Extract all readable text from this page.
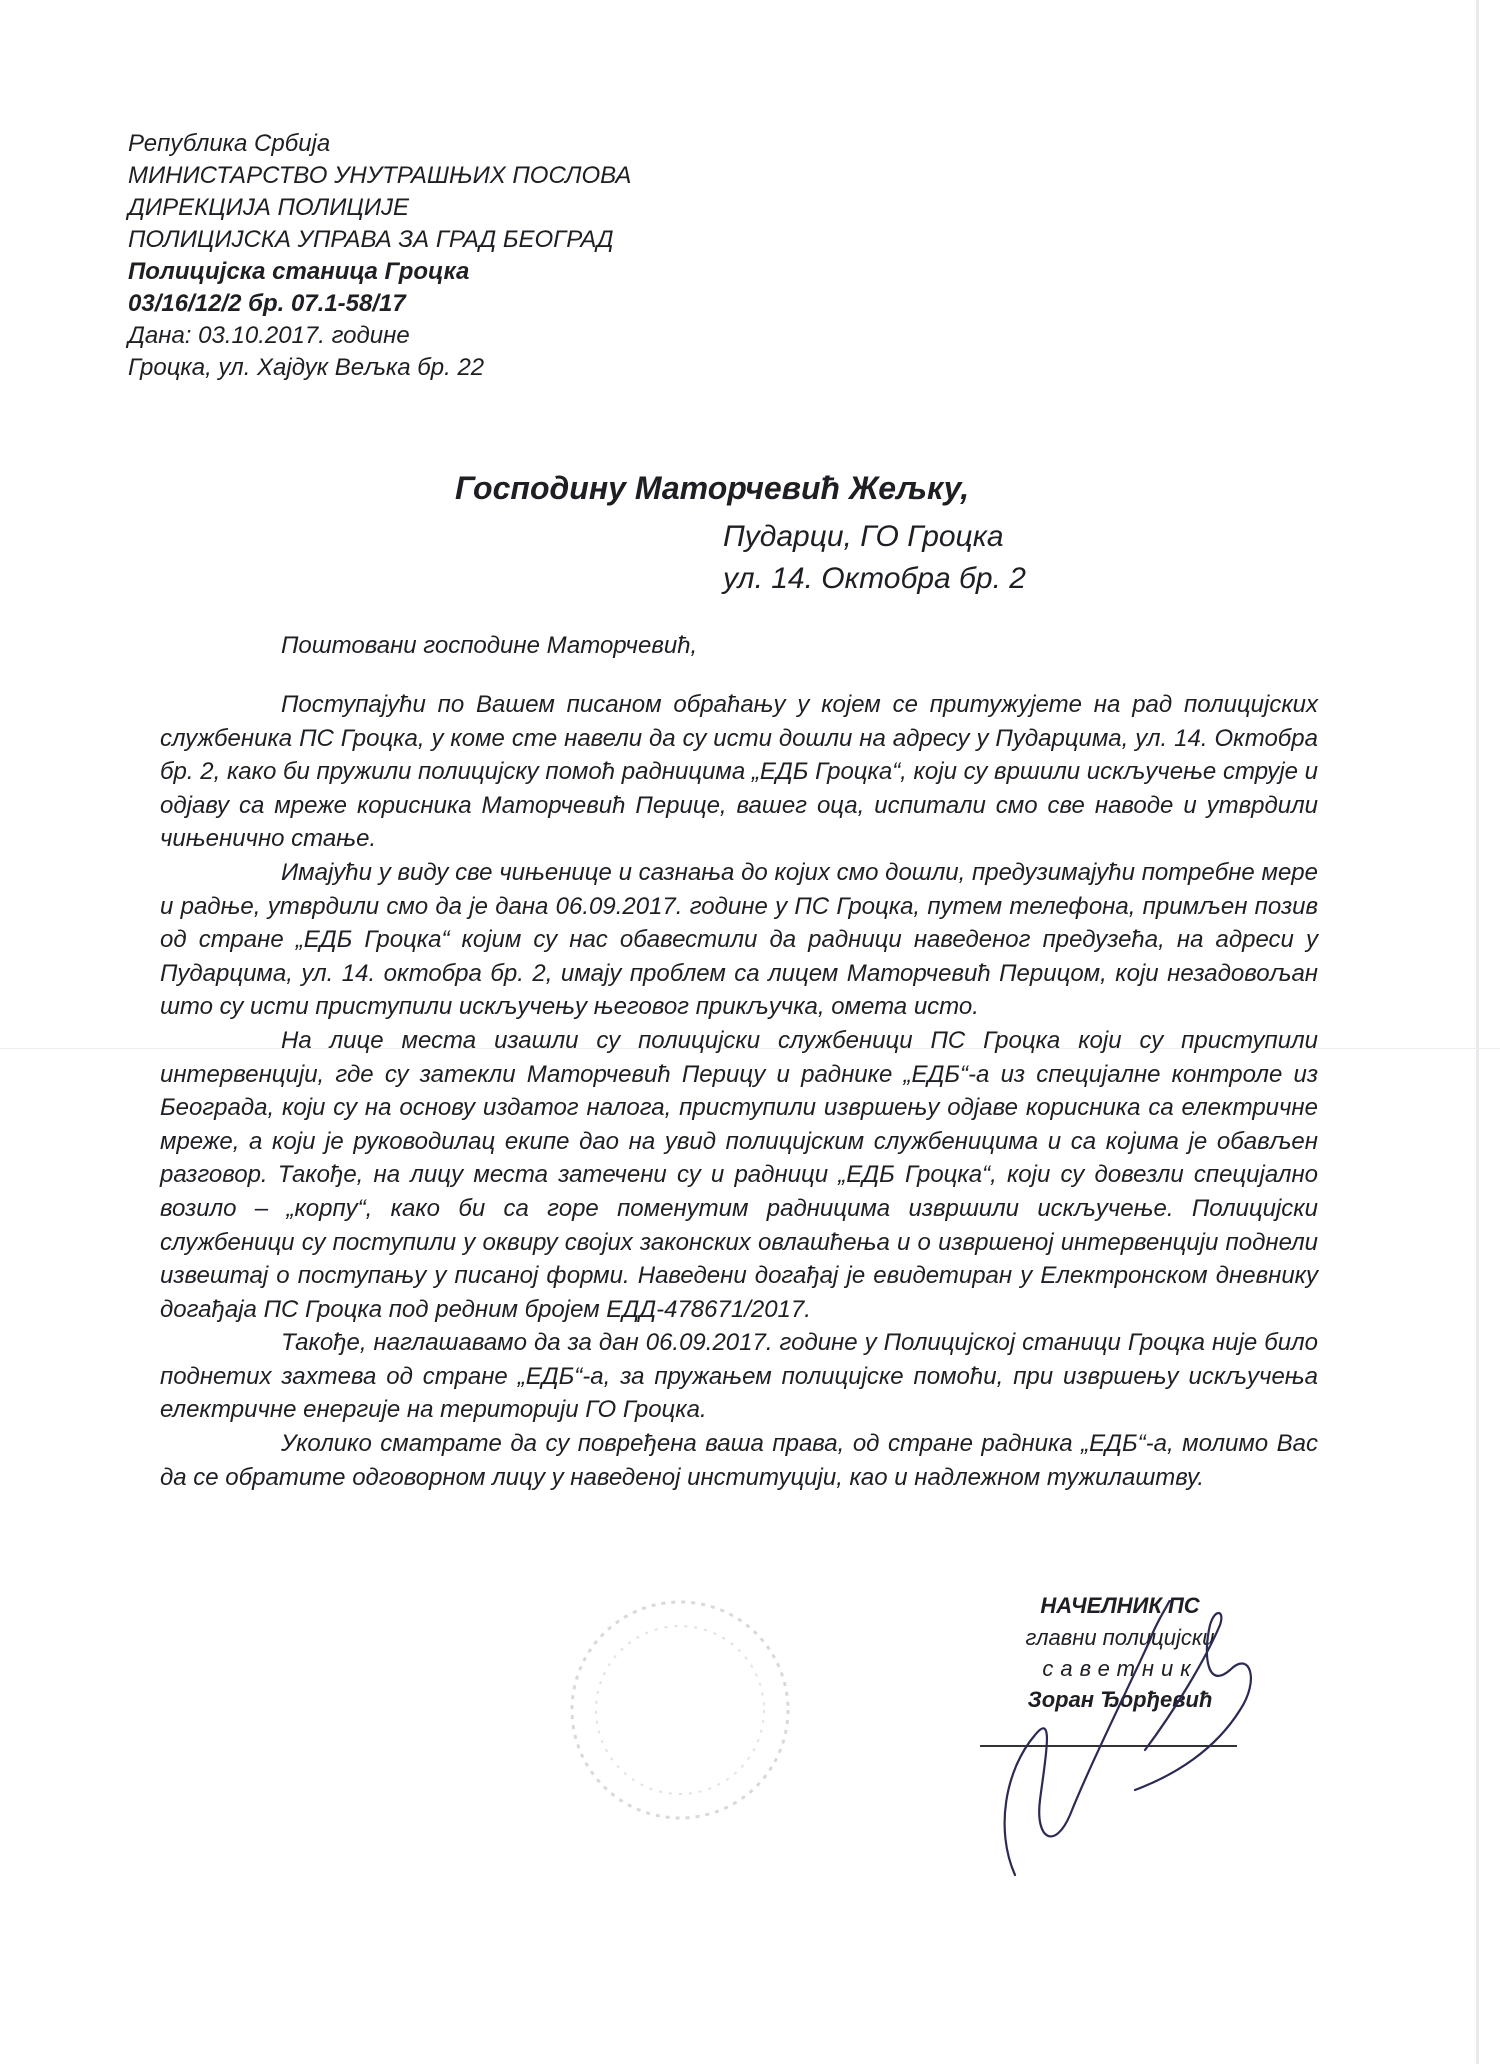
Република Србија
МИНИСТАРСТВО УНУТРАШЊИХ ПОСЛОВА
ДИРЕКЦИЈА ПОЛИЦИЈЕ
ПОЛИЦИЈСКА УПРАВА ЗА ГРАД БЕОГРАД
Полицијска станица Гроцка
03/16/12/2 бр. 07.1-58/17
Дана: 03.10.2017. године
Гроцка, ул. Хајдук Вељка бр. 22
Господину Маторчевић Жељку,
Пударци, ГО Гроцка
ул. 14. Октобра бр. 2
Поштовани господине Маторчевић,

Поступајући по Вашем писаном обраћању у којем се притужујете на рад полицијских службеника ПС Гроцка, у коме сте навели да су исти дошли на адресу у Пударцима, ул. 14. Октобра бр. 2, како би пружили полицијску помоћ радницима „ЕДБ Гроцка“, који су вршили искључење струје и одјаву са мреже корисника Маторчевић Перице, вашег оца, испитали смо све наводе и утврдили чињенично стање.

Имајући у виду све чињенице и сазнања до којих смо дошли, предузимајући потребне мере и радње, утврдили смо да је дана 06.09.2017. године у ПС Гроцка, путем телефона, примљен позив од стране „ЕДБ Гроцка“ којим су нас обавестили да радници наведеног предузећа, на адреси у Пударцима, ул. 14. октобра бр. 2, имају проблем са лицем Маторчевић Перицом, који незадовољан што су исти приступили искључењу његовог прикључка, омета исто.

На лице места изашли су полицијски службеници ПС Гроцка који су приступили интервенцији, где су затекли Маторчевић Перицу и раднике „ЕДБ“-а из специјалне контроле из Београда, који су на основу издатог налога, приступили извршењу одјаве корисника са електричне мреже, а који је руководилац екипе дао на увид полицијским службеницима и са којима је обављен разговор. Такође, на лицу места затечени су и радници „ЕДБ Гроцка“, који су довезли специјално возило – „корпу“, како би са горе поменутим радницима извршили искључење. Полицијски службеници су поступили у оквиру својих законских овлашћења и о извршеној интервенцији поднели извештај о поступању у писаној форми. Наведени догађај је евидетиран у Електронском дневнику догађаја ПС Гроцка под редним бројем ЕДД-478671/2017.

Такође, наглашавамо да за дан 06.09.2017. године у Полицијској станици Гроцка није било поднетих захтева од стране „ЕДБ“-а, за пружањем полицијске помоћи, при извршењу искључења електричне енергије на територији ГО Гроцка.

Уколико сматрате да су повређена ваша права, од стране радника „ЕДБ“-а, молимо Вас да се обратите одговорном лицу у наведеној институцији, као и надлежном тужилаштву.

НАЧЕЛНИК ПС
главни полицијски
саветник
Зоран Ђорђевић
